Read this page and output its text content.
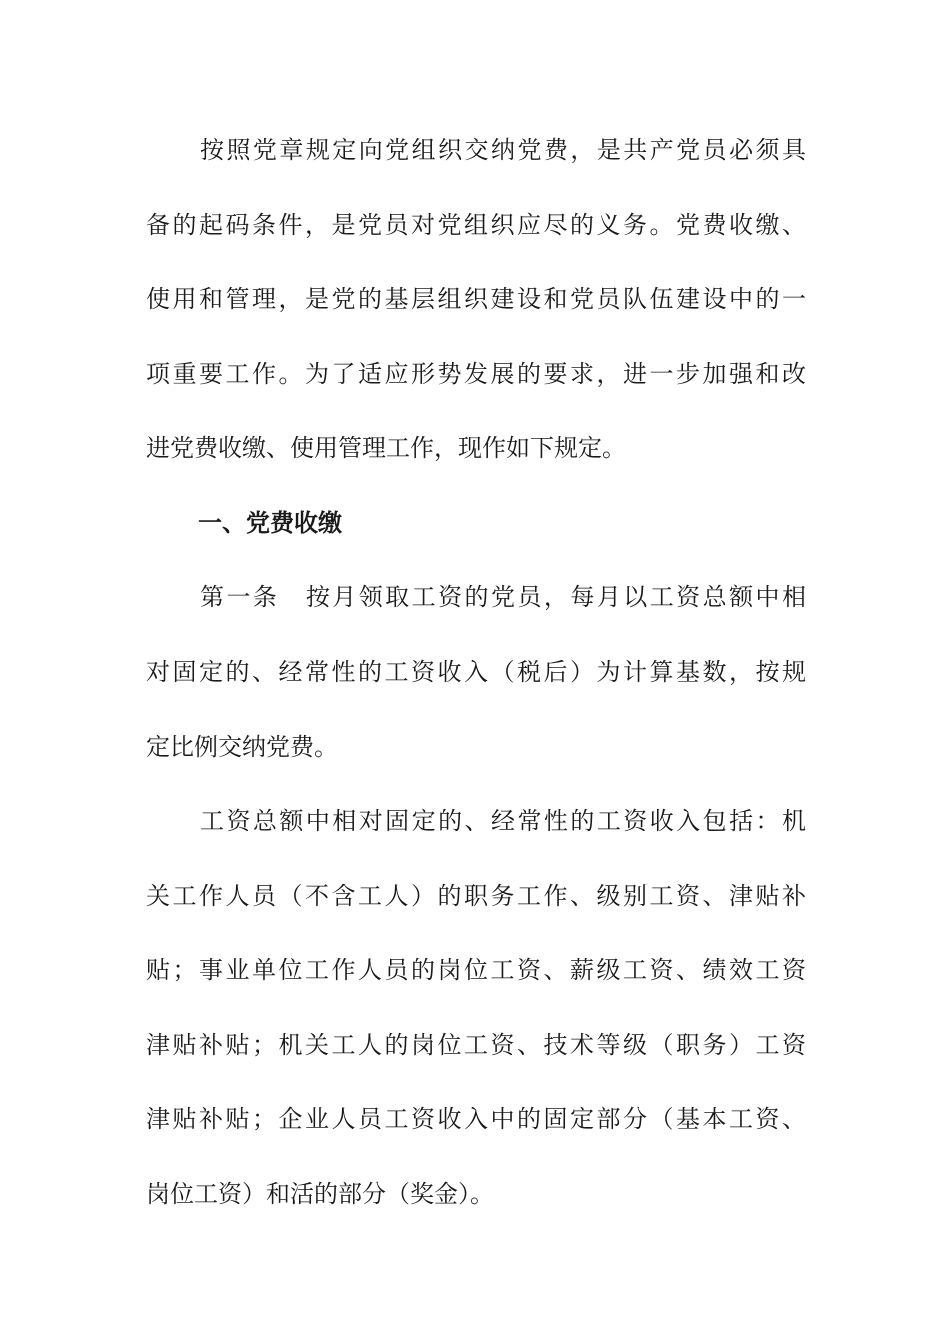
按照党章规定向党组织交纳党费，是共产党员必须具
备的起码条件，是党员对党组织应尽的义务。党费收缴、
使用和管理，是党的基层组织建设和党员队伍建设中的一
项重要工作。为了适应形势发展的要求，进一步加强和改
进党费收缴、使用管理工作，现作如下规定。
一、党费收缴
第一条　按月领取工资的党员，每月以工资总额中相
对固定的、经常性的工资收入（税后）为计算基数，按规
定比例交纳党费。
工资总额中相对固定的、经常性的工资收入包括：机
关工作人员（不含工人）的职务工作、级别工资、津贴补
贴；事业单位工作人员的岗位工资、薪级工资、绩效工资
津贴补贴；机关工人的岗位工资、技术等级（职务）工资
津贴补贴；企业人员工资收入中的固定部分（基本工资、
岗位工资）和活的部分（奖金）。
